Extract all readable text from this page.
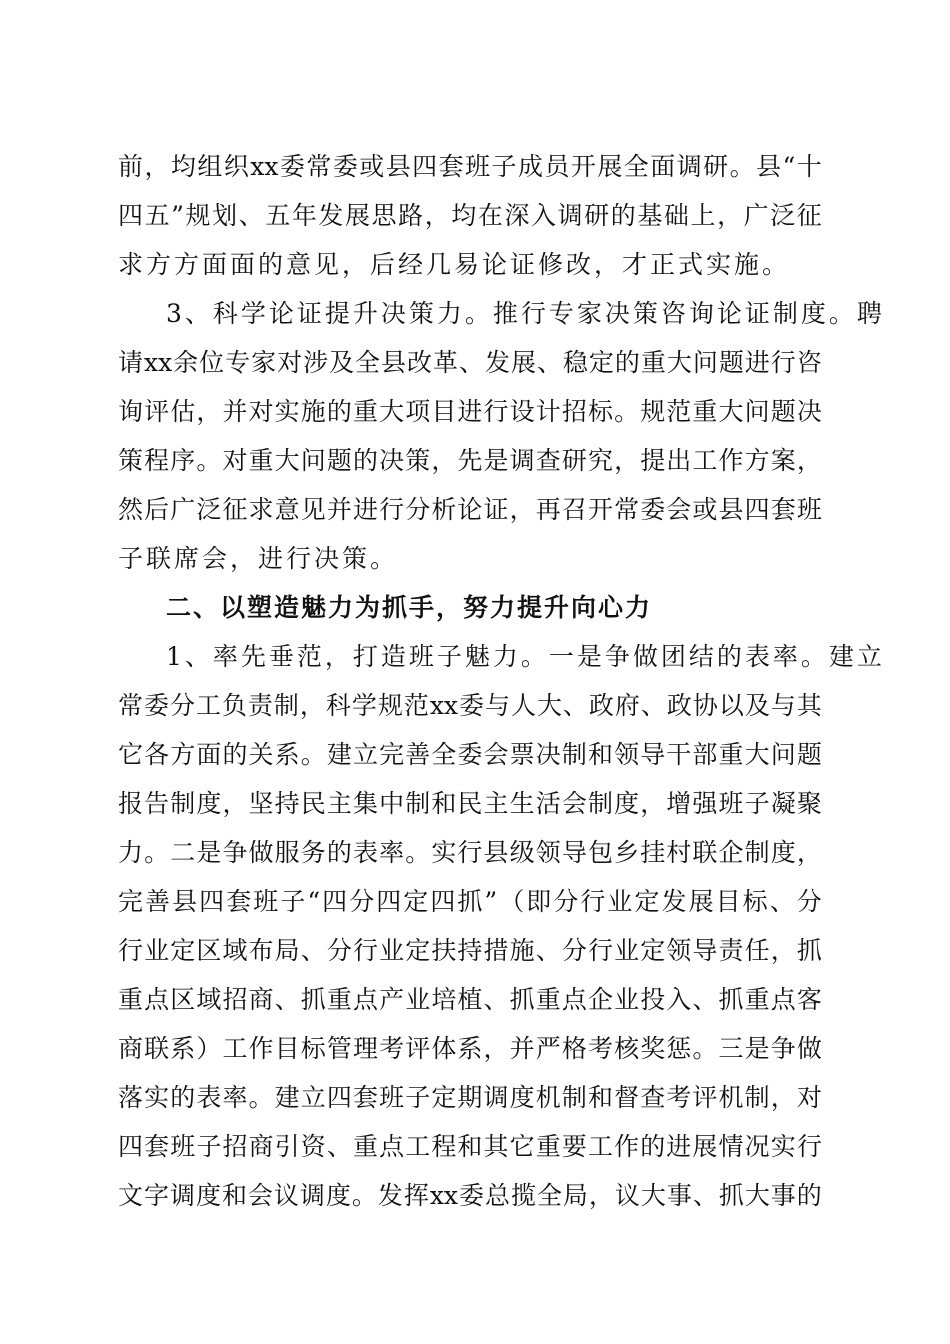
前 ， 均 组 织 xx 委 常 委 或 县 四 套 班 子 成 员 开 展 全 面 调 研 。 县 “ 十
四 五 ” 规 划 、 五 年 发 展 思 路 ， 均 在 深 入 调 研 的 基 础 上 ， 广 泛 征
求方方面面的意见，后经几易论证修改，才正式实施。
3、科学论证提升决策力。推行专家决策咨询论证制度。聘
请 xx 余 位 专 家 对 涉 及 全 县 改 革 、 发 展 、 稳 定 的 重 大 问 题 进 行 咨
询 评 估 ， 并 对 实 施 的 重 大 项 目 进 行 设 计 招 标 。 规 范 重 大 问 题 决
策 程 序 。 对 重 大 问 题 的 决 策 ， 先 是 调 查 研 究 ， 提 出 工 作 方 案 ，
然 后 广 泛 征 求 意 见 并 进 行 分 析 论 证 ， 再 召 开 常 委 会 或 县 四 套 班
子联席会，进行决策。
二、以塑造魅力为抓手，努力提升向心力
1、率先垂范，打造班子魅力。一是争做团结的表率。建立
常 委 分 工 负 责 制 ， 科 学 规 范 xx 委 与 人 大 、 政 府 、 政 协 以 及 与 其
它 各 方 面 的 关 系 。 建 立 完 善 全 委 会 票 决 制 和 领 导 干 部 重 大 问 题
报 告 制 度 ， 坚 持 民 主 集 中 制 和 民 主 生 活 会 制 度 ， 增 强 班 子 凝 聚
力 。 二 是 争 做 服 务 的 表 率 。 实 行 县 级 领 导 包 乡 挂 村 联 企 制 度 ，
完 善 县 四 套 班 子 “ 四 分 四 定 四 抓 ” （ 即 分 行 业 定 发 展 目 标 、 分
行 业 定 区 域 布 局 、 分 行 业 定 扶 持 措 施 、 分 行 业 定 领 导 责 任 ， 抓
重 点 区 域 招 商 、 抓 重 点 产 业 培 植 、 抓 重 点 企 业 投 入 、 抓 重 点 客
商 联 系 ） 工 作 目 标 管 理 考 评 体 系 ， 并 严 格 考 核 奖 惩 。 三 是 争 做
落 实 的 表 率 。 建 立 四 套 班 子 定 期 调 度 机 制 和 督 查 考 评 机 制 ， 对
四 套 班 子 招 商 引 资 、 重 点 工 程 和 其 它 重 要 工 作 的 进 展 情 况 实 行
文 字 调 度 和 会 议 调 度 。 发 挥 xx 委 总 揽 全 局 ， 议 大 事 、 抓 大 事 的
